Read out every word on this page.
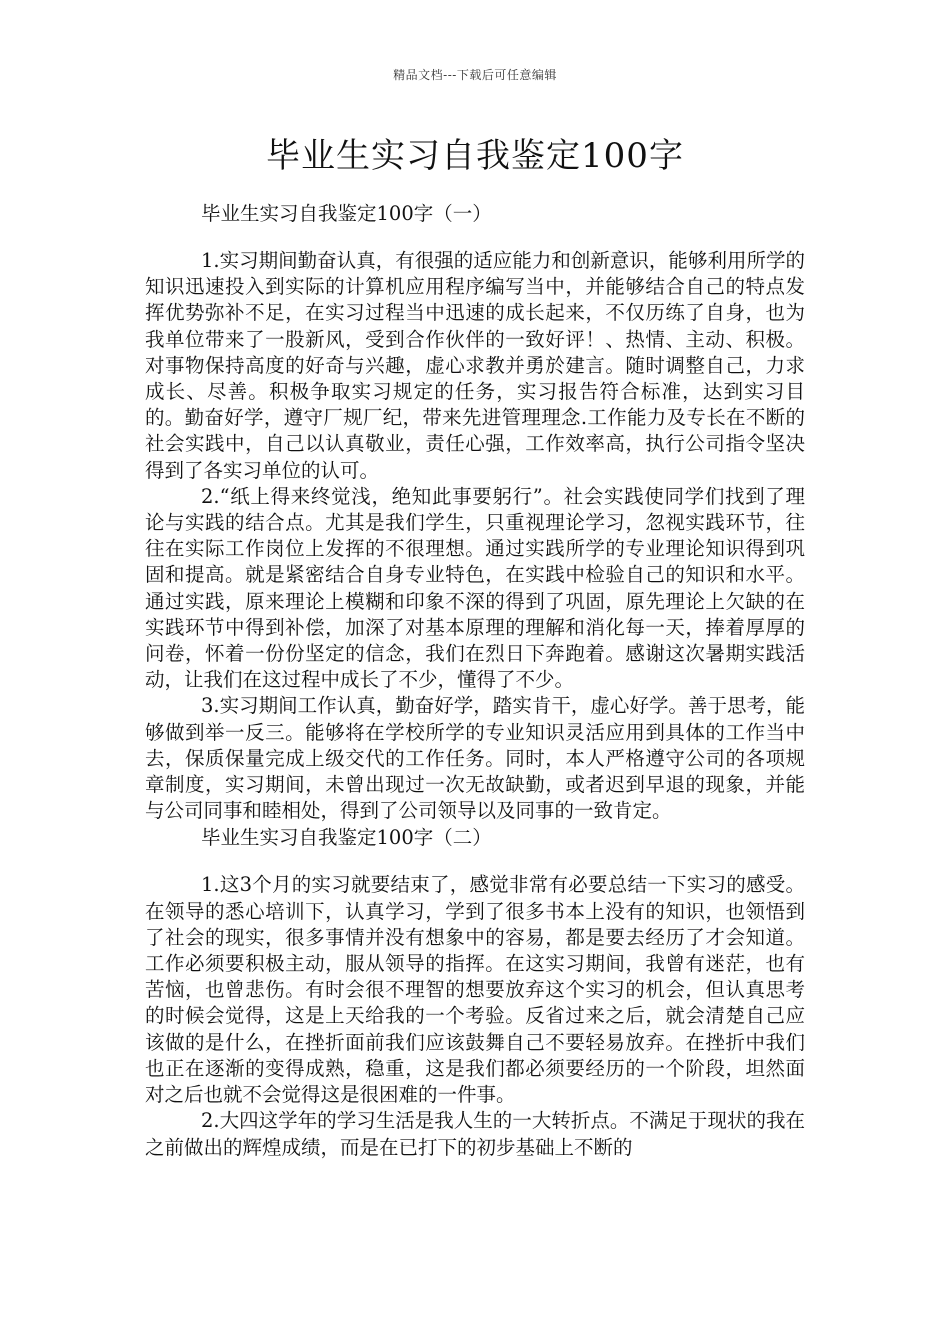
精品文档---下载后可任意编辑
毕业生实习自我鉴定100字

毕业生实习自我鉴定100字（一）

1.实习期间勤奋认真，有很强的适应能力和创新意识，能够利用所学的知识迅速投入到实际的计算机应用程序编写当中，并能够结合自己的特点发挥优势弥补不足，在实习过程当中迅速的成长起来，不仅历练了自身，也为我单位带来了一股新风，受到合作伙伴的一致好评！、热情、主动、积极。对事物保持高度的好奇与兴趣，虚心求教并勇於建言。随时调整自己，力求成长、尽善。积极争取实习规定的任务，实习报告符合标准，达到实习目的。勤奋好学，遵守厂规厂纪，带来先进管理理念.工作能力及专长在不断的社会实践中，自己以认真敬业，责任心强，工作效率高，执行公司指令坚决得到了各实习单位的认可。

2.“纸上得来终觉浅，绝知此事要躬行”。社会实践使同学们找到了理论与实践的结合点。尤其是我们学生，只重视理论学习，忽视实践环节，往往在实际工作岗位上发挥的不很理想。通过实践所学的专业理论知识得到巩固和提高。就是紧密结合自身专业特色，在实践中检验自己的知识和水平。通过实践，原来理论上模糊和印象不深的得到了巩固，原先理论上欠缺的在实践环节中得到补偿，加深了对基本原理的理解和消化每一天，捧着厚厚的问卷，怀着一份份坚定的信念，我们在烈日下奔跑着。感谢这次暑期实践活动，让我们在这过程中成长了不少，懂得了不少。

3.实习期间工作认真，勤奋好学，踏实肯干，虚心好学。善于思考，能够做到举一反三。能够将在学校所学的专业知识灵活应用到具体的工作当中去，保质保量完成上级交代的工作任务。同时，本人严格遵守公司的各项规章制度，实习期间，未曾出现过一次无故缺勤，或者迟到早退的现象，并能与公司同事和睦相处，得到了公司领导以及同事的一致肯定。

毕业生实习自我鉴定100字（二）

1.这3个月的实习就要结束了，感觉非常有必要总结一下实习的感受。在领导的悉心培训下，认真学习，学到了很多书本上没有的知识，也领悟到了社会的现实，很多事情并没有想象中的容易，都是要去经历了才会知道。工作必须要积极主动，服从领导的指挥。在这实习期间，我曾有迷茫，也有苦恼，也曾悲伤。有时会很不理智的想要放弃这个实习的机会，但认真思考的时候会觉得，这是上天给我的一个考验。反省过来之后，就会清楚自己应该做的是什么，在挫折面前我们应该鼓舞自己不要轻易放弃。在挫折中我们也正在逐渐的变得成熟，稳重，这是我们都必须要经历的一个阶段，坦然面对之后也就不会觉得这是很困难的一件事。

2.大四这学年的学习生活是我人生的一大转折点。不满足于现状的我在之前做出的辉煌成绩，而是在已打下的初步基础上不断的
